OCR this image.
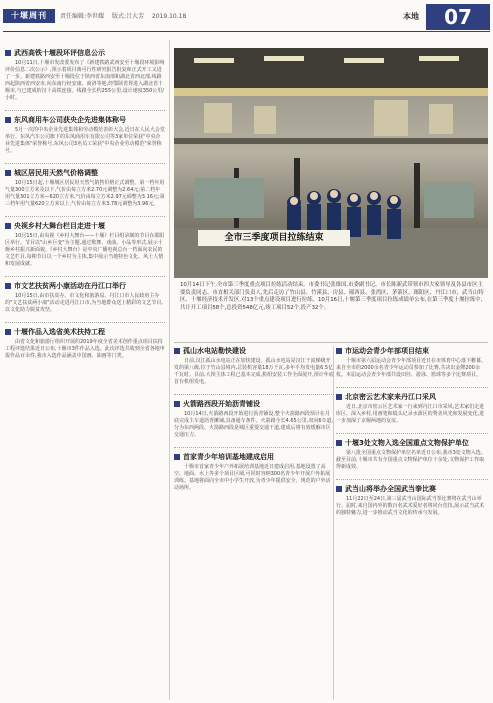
十堰周刊	责任编辑:李世耀 版式:吕大芳 2019.10.18	本地	07
武西高铁十堰段环评信息公示
10月11日,十堰市发改委发布了《新建铁路武西安至十堰段环境影响评价信息二次公示》,预示着项目离可行性研究报告批复和正式开工又进了一步。新建铁路西安至十堰段位于陕西省东南部和湖北省西北部,线路西起陕西省西安市,向东南行经安康、商洛等地,经鄂陕省界进入湖北省十堰市,与已建成的汉十高铁连接。线路全长约255公里,设计速度350公里/小时。
东风商用车公司获央企先进集体称号
5月一次的中央企业先进集体和劳动模范表彰大会,近日在人民大会堂举行。东风汽车公司旗下的东风商用车有限公司等3家单位荣获"中央企业先进集体"荣誉称号,东风公司3名员工荣获"中央企业劳动模范"荣誉称号。
城区居民用天然气价格调整
10月15日起,十堰城区居民用天然气销售价格正式调整。第一档年用气量300立方米及以下,气价由每立方米2.70元调整为2.64元;第二档年用气量301立方米—620立方米,气价由每立方米2.97元调整为3.16元;第三档年用气量620立方米以上,气价由每立方米3.78元调整为3.96元。
央视乡村大舞台栏目走进十堰
10月15日,由央视《乡村大舞台——十堰》栏目组录制的节目在郧阳区举行。节目以"山乡巨变"为主题,通过歌舞、戏曲、小品等形式,展示十堰乡村振兴新面貌。《乡村大舞台》是中央广播电视总台一档面向农民的文艺栏目,每期节目以一个乡村为主体,集中展示当地特色文化、风土人情和发展成就。
市文艺扶贫两小康活动在丹江口举行
10月15日,由市扶贫办、市文化和旅游局、丹江口市人民政府主办的"文艺扶贫两小康"活动走进丹江口市,为当地群众送上精彩的文艺节目,以文化助力脱贫攻坚。
十堰作品入选省美术扶持工程
由省文化和旅游厅组织开展的2019年度全省美术创作重点项目扶持工程评选结果近日公布,十堰市3件作品入选。此次评选共收到全省各地申报作品百余件,我市入选作品涵盖中国画、油画等门类。
全市三季度项目拉练结束
10月14日下午,全市第三季度重点项目拉练活动结束。市委书记张维国,市委副书记、市长陈新武带领市四大家领导及各县市区主要负责同志、市直相关部门负责人,先后走访了竹山县、竹溪县、房县、郧西县、张湾区、茅箭区、郧阳区、丹江口市、武当山特区、十堰经济技术开发区,对13个重点建设项目进行拉练。10月16日,十堰第三季度项目拉练成绩单公布,在第三季度十堰拉练中,共计开工项目58个,总投资548亿元,竣工项目52个,投产32个。
孤山水电站勒快建设
日前,汉江孤山水电站正在加快建设。孤山水电站是汉江干流梯级开发的第八级,位于竹山县境内,总装机容量18万千瓦,多年平均发电量6.5亿千瓦时。目前,大坝主体工程已基本完成,机组安装工作全面展开,预计年底首台机组发电。
火箭路西段开始沥青铺设
10月14日,火箭路西段开始进行沥青铺设,整个火箭路西段预计在月底完成主车道沥青摊铺,具备通车条件。火箭路全长4.65公里,双向6车道,分为东西两段。火箭路西段是城区重要交通干道,建成后将有效缓解市区交通压力。
首家青少年培训基地建成启用
十堰市首家青少年户外拓展培训基地近日建成启用,基地设置了高空、地面、水上等多个项目区域,可同时容纳300名青少年开展户外拓展训练。基地将面向全市中小学生开放,为青少年提供安全、规范的户外活动场所。
市运动会青少年部项目结束
十堰市第六届运动会青少年部项目近日在市体育中心落下帷幕。来自全市的2000余名青少年运动员参加了比赛,共决出金牌200余枚。本届运动会青少年部共设田径、游泳、篮球等多个比赛项目。
北京密云艺术家来丹江口采风
近日,北京市密云区艺术家一行来到丹江口市采风,艺术家们走进库区、深入乡村,用画笔和镜头记录水源区的秀美风光和发展变化,进一步加深了京堰两地的友谊。
十堰3处文物入选全国重点文物保护单位
第八批全国重点文物保护单位名单近日公布,我市3处文物入选。截至目前,十堰市共有全国重点文物保护单位十余处,文物保护工作取得新成效。
武当山将举办全国武当拳比赛
11月22日至24日,第三届武当山国际武当拳比赛将在武当山举行。届时,来自国内外的数百名武术爱好者将同台竞技,展示武当武术的独特魅力,进一步推动武当文化的传承与发展。
